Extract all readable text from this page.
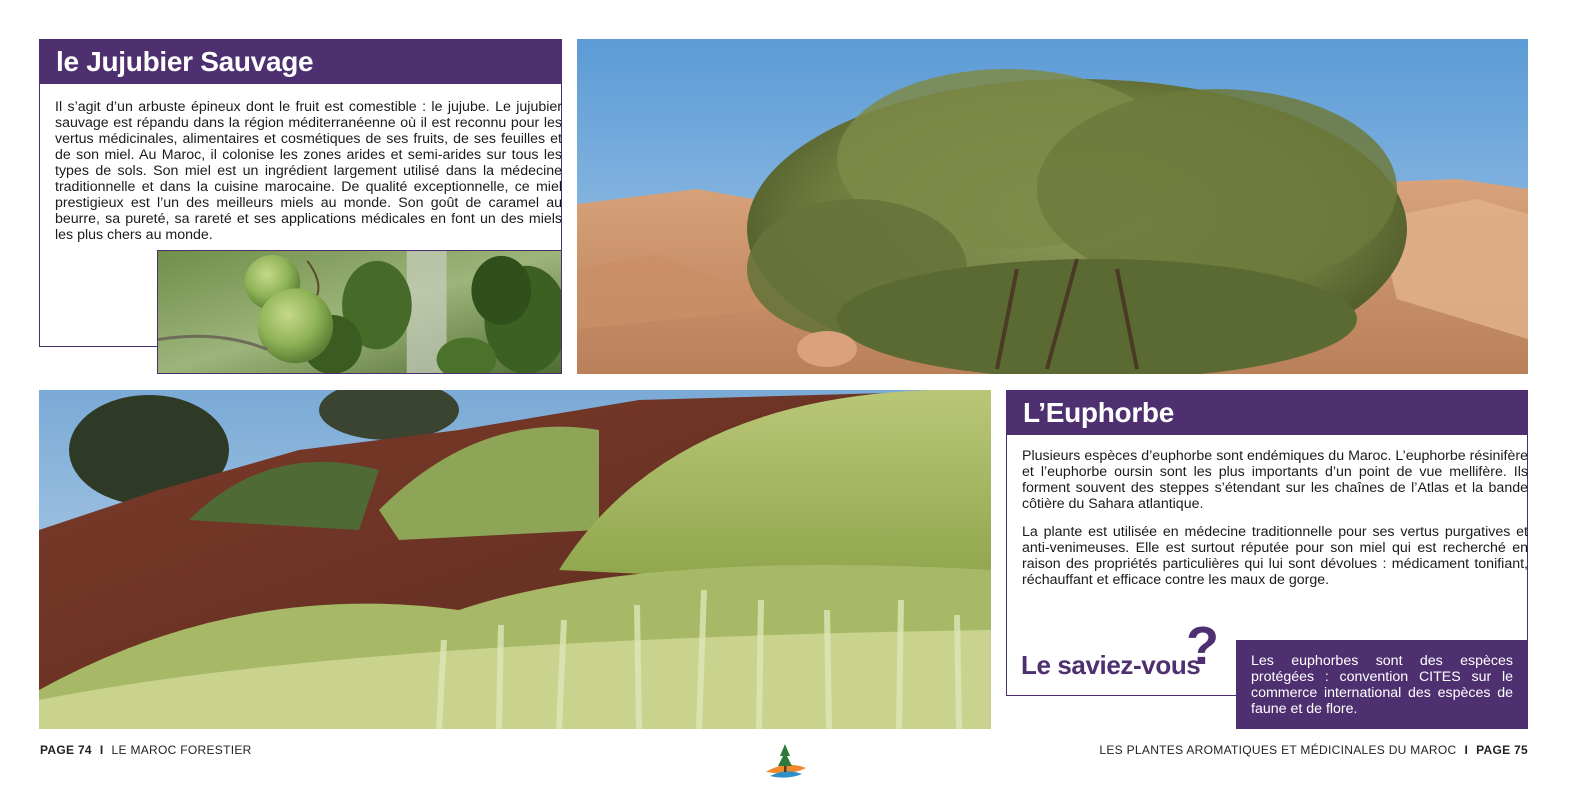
le Jujubier Sauvage
Il s’agit d’un arbuste épineux dont le fruit est comestible : le jujube. Le jujubier sauvage est répandu dans la région méditerranéenne où il est reconnu pour les vertus médicinales, alimentaires et cosmétiques de ses fruits, de ses feuilles et de son miel. Au Maroc, il colonise les zones arides et semi-arides sur tous les types de sols. Son miel est un ingrédient largement utilisé dans la médecine traditionnelle et dans la cuisine marocaine. De qualité exceptionnelle, ce miel prestigieux est l’un des meilleurs miels au monde. Son goût de caramel au beurre, sa pureté, sa rareté et ses applications médicales en font un des miels les plus chers au monde.
L’Euphorbe
Plusieurs espèces d’euphorbe sont endémiques du Maroc. L’euphorbe résinifère et l’euphorbe oursin sont les plus importants d’un point de vue mellifère. Ils forment souvent des steppes s’étendant sur les chaînes de l’Atlas et la bande côtière du Sahara atlantique.
La plante est utilisée en médecine traditionnelle pour ses vertus purgatives et anti-venimeuses. Elle est surtout réputée pour son miel qui est recherché en raison des propriétés particulières qui lui sont dévolues : médicament tonifiant, réchauffant et efficace contre les maux de gorge.
Le saviez-vous
?	Les euphorbes sont des espèces protégées : convention CITES sur le commerce international des espèces de faune et de flore.
PAGE 74 I LE MAROC FORESTIER	LES PLANTES AROMATIQUES ET MÉDICINALES DU MAROC I PAGE 75
